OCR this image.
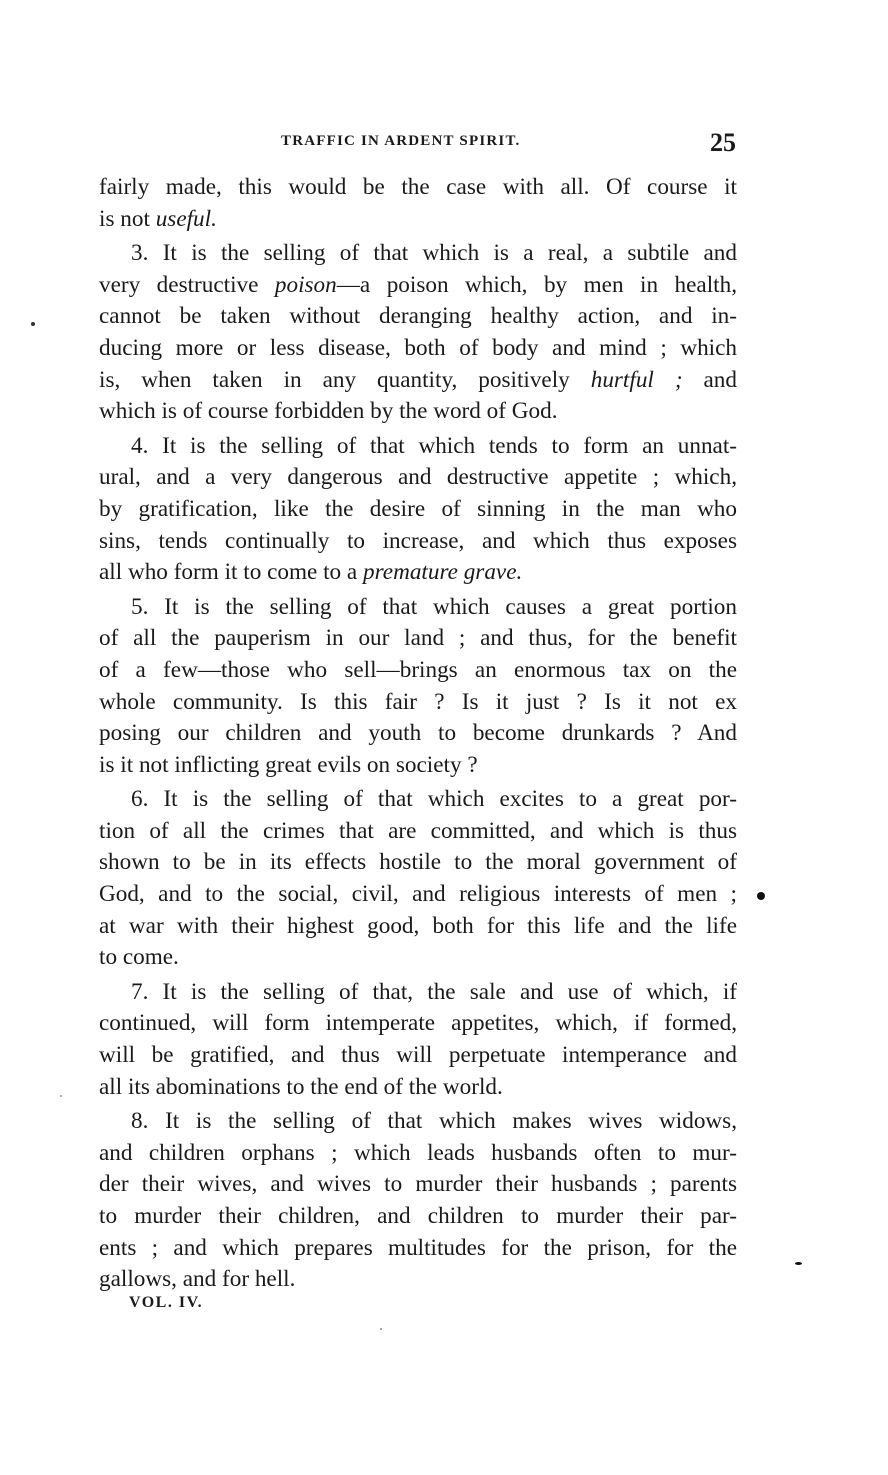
TRAFFIC IN ARDENT SPIRIT.	25
fairly made, this would be the case with all. Of course it
is not useful.
3. It is the selling of that which is a real, a subtile and
very destructive poison—a poison which, by men in health,
cannot be taken without deranging healthy action, and in-
ducing more or less disease, both of body and mind ; which
is, when taken in any quantity, positively hurtful ; and
which is of course forbidden by the word of God.
4. It is the selling of that which tends to form an unnat-
ural, and a very dangerous and destructive appetite ; which,
by gratification, like the desire of sinning in the man who
sins, tends continually to increase, and which thus exposes
all who form it to come to a premature grave.
5. It is the selling of that which causes a great portion
of all the pauperism in our land ; and thus, for the benefit
of a few—those who sell—brings an enormous tax on the
whole community. Is this fair ? Is it just ? Is it not ex
posing our children and youth to become drunkards ? And
is it not inflicting great evils on society ?
6. It is the selling of that which excites to a great por-
tion of all the crimes that are committed, and which is thus
shown to be in its effects hostile to the moral government of
God, and to the social, civil, and religious interests of men ;
at war with their highest good, both for this life and the life
to come.
7. It is the selling of that, the sale and use of which, if
continued, will form intemperate appetites, which, if formed,
will be gratified, and thus will perpetuate intemperance and
all its abominations to the end of the world.
8. It is the selling of that which makes wives widows,
and children orphans ; which leads husbands often to mur-
der their wives, and wives to murder their husbands ; parents
to murder their children, and children to murder their par-
ents ; and which prepares multitudes for the prison, for the
gallows, and for hell.
VOL. IV.
